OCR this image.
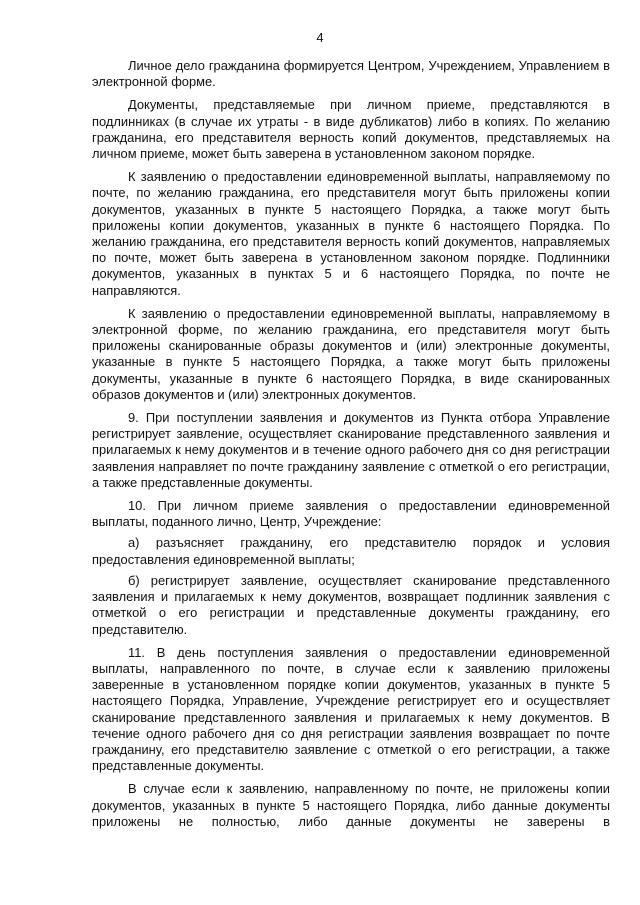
4

Личное дело гражданина формируется Центром, Учреждением, Управлением в электронной форме.

Документы, представляемые при личном приеме, представляются в подлинниках (в случае их утраты - в виде дубликатов) либо в копиях. По желанию гражданина, его представителя верность копий документов, представляемых на личном приеме, может быть заверена в установленном законом порядке.

К заявлению о предоставлении единовременной выплаты, направляемому по почте, по желанию гражданина, его представителя могут быть приложены копии документов, указанных в пункте 5 настоящего Порядка, а также могут быть приложены копии документов, указанных в пункте 6 настоящего Порядка. По желанию гражданина, его представителя верность копий документов, направляемых по почте, может быть заверена в установленном законом порядке. Подлинники документов, указанных в пунктах 5 и 6 настоящего Порядка, по почте не направляются.

К заявлению о предоставлении единовременной выплаты, направляемому в электронной форме, по желанию гражданина, его представителя могут быть приложены сканированные образы документов и (или) электронные документы, указанные в пункте 5 настоящего Порядка, а также могут быть приложены документы, указанные в пункте 6 настоящего Порядка, в виде сканированных образов документов и (или) электронных документов.

9. При поступлении заявления и документов из Пункта отбора Управление регистрирует заявление, осуществляет сканирование представленного заявления и прилагаемых к нему документов и в течение одного рабочего дня со дня регистрации заявления направляет по почте гражданину заявление с отметкой о его регистрации, а также представленные документы.

10. При личном приеме заявления о предоставлении единовременной выплаты, поданного лично, Центр, Учреждение:

а) разъясняет гражданину, его представителю порядок и условия предоставления единовременной выплаты;

б) регистрирует заявление, осуществляет сканирование представленного заявления и прилагаемых к нему документов, возвращает подлинник заявления с отметкой о его регистрации и представленные документы гражданину, его представителю.

11. В день поступления заявления о предоставлении единовременной выплаты, направленного по почте, в случае если к заявлению приложены заверенные в установленном порядке копии документов, указанных в пункте 5 настоящего Порядка, Управление, Учреждение регистрирует его и осуществляет сканирование представленного заявления и прилагаемых к нему документов. В течение одного рабочего дня со дня регистрации заявления возвращает по почте гражданину, его представителю заявление с отметкой о его регистрации, а также представленные документы.

В случае если к заявлению, направленному по почте, не приложены копии документов, указанных в пункте 5 настоящего Порядка, либо данные документы приложены не полностью, либо данные документы не заверены в
